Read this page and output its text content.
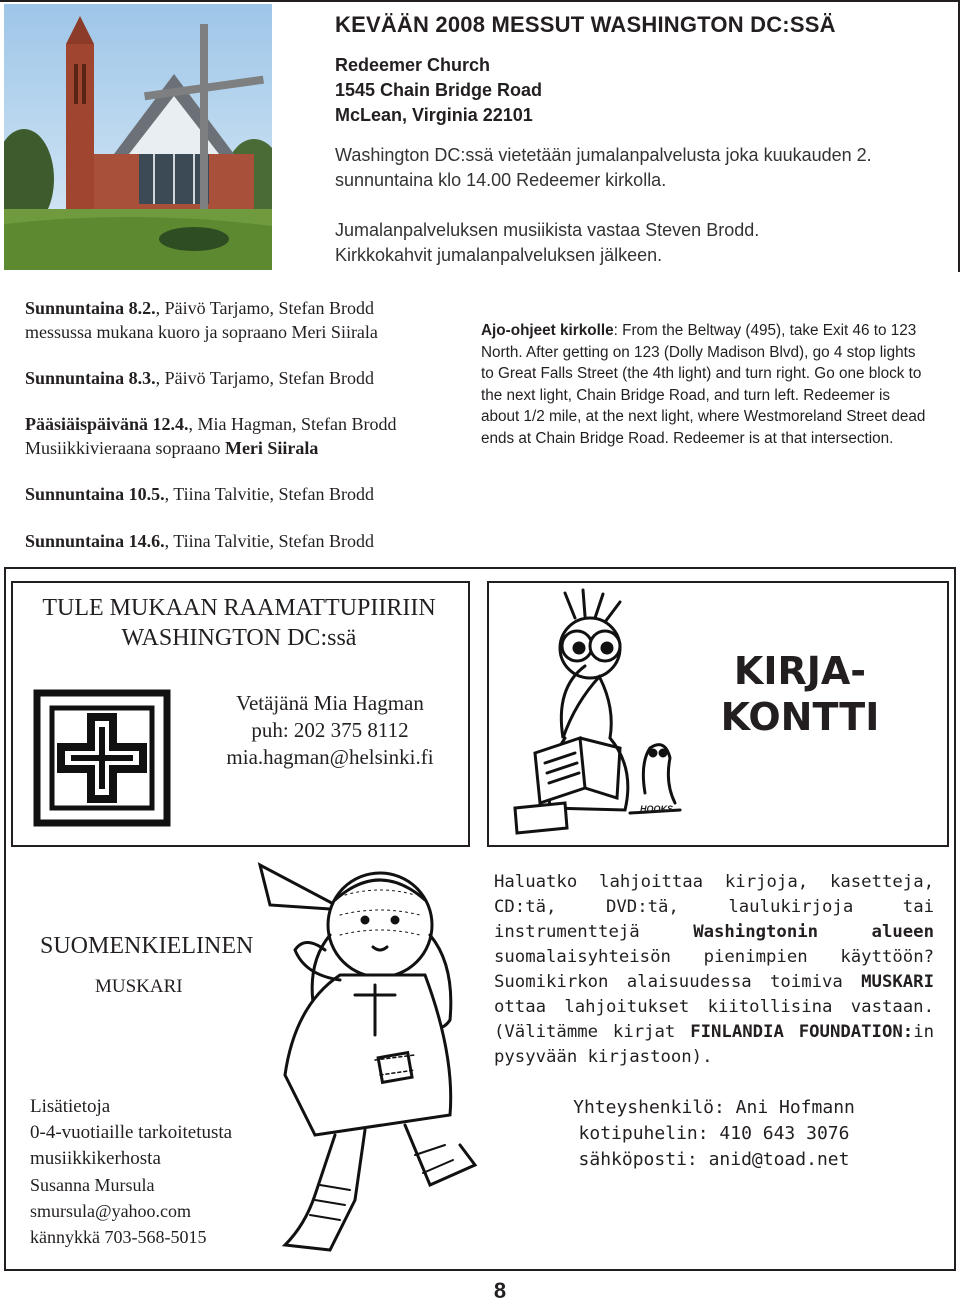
KEVÄÄN 2008 MESSUT WASHINGTON DC:SSÄ
Redeemer Church
1545 Chain Bridge Road
McLean, Virginia 22101
Washington DC:ssä vietetään jumalanpalvelusta joka kuukauden 2.
sunnuntaina klo 14.00 Redeemer kirkolla.
Jumalanpalveluksen musiikista vastaa Steven Brodd.
Kirkkokahvit jumalanpalveluksen jälkeen.
Sunnuntaina 8.2., Päivö Tarjamo, Stefan Brodd
messussa mukana kuoro ja sopraano Meri Siirala
Sunnuntaina 8.3., Päivö Tarjamo, Stefan Brodd
Pääsiäispäivänä 12.4., Mia Hagman, Stefan Brodd
Musiikkivieraana sopraano Meri Siirala
Sunnuntaina 10.5., Tiina Talvitie, Stefan Brodd
Sunnuntaina 14.6., Tiina Talvitie, Stefan Brodd
Ajo-ohjeet kirkolle: From the Beltway (495), take Exit 46 to 123 North. After getting on 123 (Dolly Madison Blvd), go 4 stop lights to Great Falls Street (the 4th light) and turn right. Go one block to the next light, Chain Bridge Road, and turn left. Redeemer is about 1/2 mile, at the next light, where Westmoreland Street dead ends at Chain Bridge Road. Redeemer is at that intersection.
TULE MUKAAN RAAMATTUPIIRIIN
WASHINGTON DC:ssä
Vetäjänä Mia Hagman
puh: 202 375 8112
mia.hagman@helsinki.fi
HOOKS
KIRJA-
KONTTI
SUOMENKIELINEN
MUSKARI
Lisätietoja
0-4-vuotiaille tarkoitetusta
musiikkikerhosta
Susanna Mursula
smursula@yahoo.com
kännykkä 703-568-5015
Haluatko lahjoittaa kirjoja, kasetteja, CD:tä, DVD:tä, laulukirjoja tai instrumenttejä Washingtonin alueen suomalaisyhteisön pienimpien käyttöön? Suomikirkon alaisuudessa toimiva MUSKARI ottaa lahjoitukset kiitollisina vastaan. (Välitämme kirjat FINLANDIA FOUNDATION:in pysyvään kirjastoon).
Yhteyshenkilö: Ani Hofmann
kotipuhelin: 410 643 3076
sähköposti: anid@toad.net
8
